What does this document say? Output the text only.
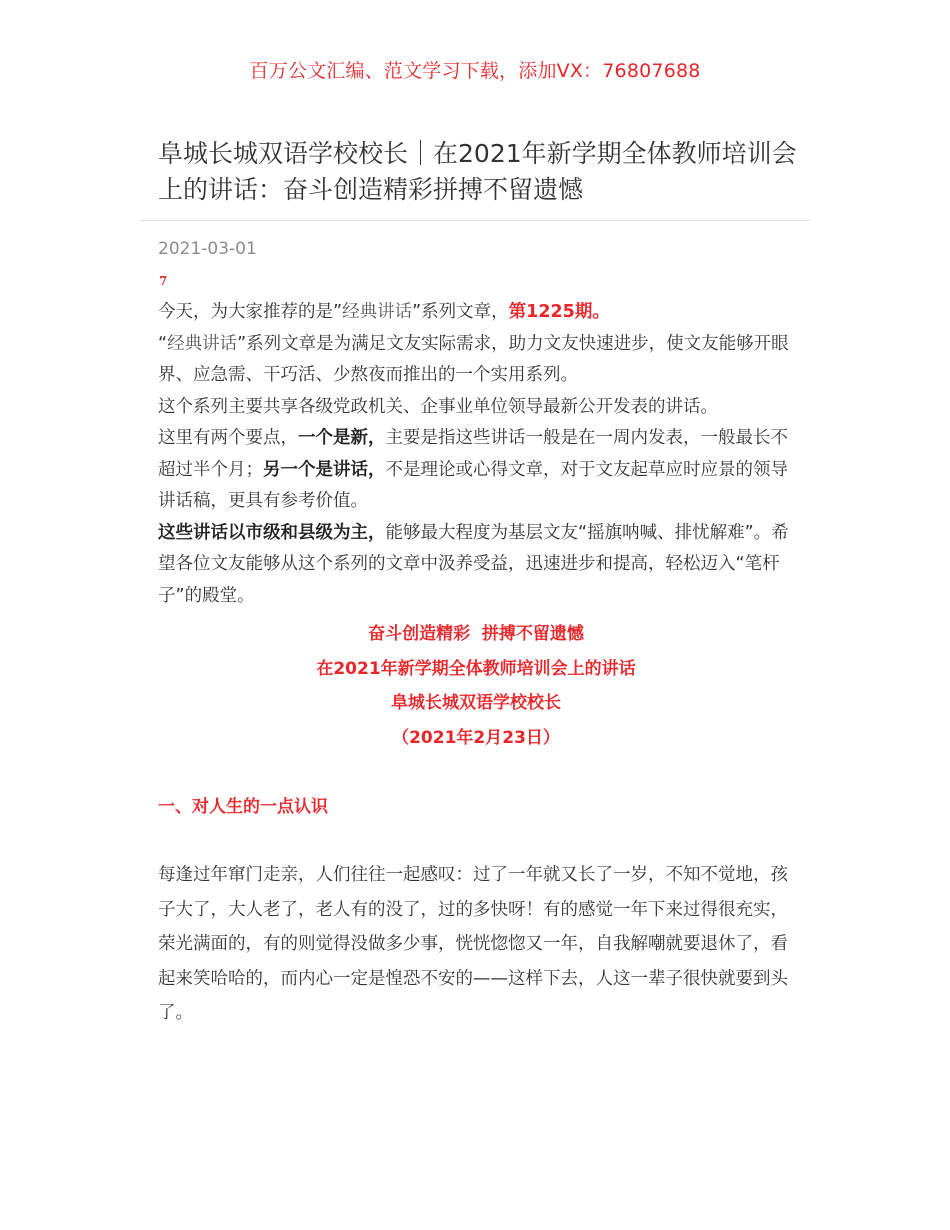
百万公文汇编、范文学习下载，添加VX：76807688
阜城长城双语学校校长｜在2021年新学期全体教师培训会上的讲话：奋斗创造精彩拼搏不留遗憾
2021-03-01
7

今天，为大家推荐的是”经典讲话”系列文章，第1225期。

“经典讲话”系列文章是为满足文友实际需求，助力文友快速进步，使文友能够开眼界、应急需、干巧活、少熬夜而推出的一个实用系列。

这个系列主要共享各级党政机关、企事业单位领导最新公开发表的讲话。

这里有两个要点，一个是新，主要是指这些讲话一般是在一周内发表，一般最长不超过半个月；另一个是讲话，不是理论或心得文章，对于文友起草应时应景的领导讲话稿，更具有参考价值。

这些讲话以市级和县级为主，能够最大程度为基层文友“摇旗呐喊、排忧解难”。希望各位文友能够从这个系列的文章中汲养受益，迅速进步和提高，轻松迈入“笔杆子”的殿堂。

奋斗创造精彩  拼搏不留遗憾
在2021年新学期全体教师培训会上的讲话
阜城长城双语学校校长
（2021年2月23日）
一、对人生的一点认识

每逢过年窜门走亲，人们往往一起感叹：过了一年就又长了一岁，不知不觉地，孩子大了，大人老了，老人有的没了，过的多快呀！有的感觉一年下来过得很充实，荣光满面的，有的则觉得没做多少事，恍恍惚惚又一年，自我解嘲就要退休了，看起来笑哈哈的，而内心一定是惶恐不安的——这样下去，人这一辈子很快就要到头了。
